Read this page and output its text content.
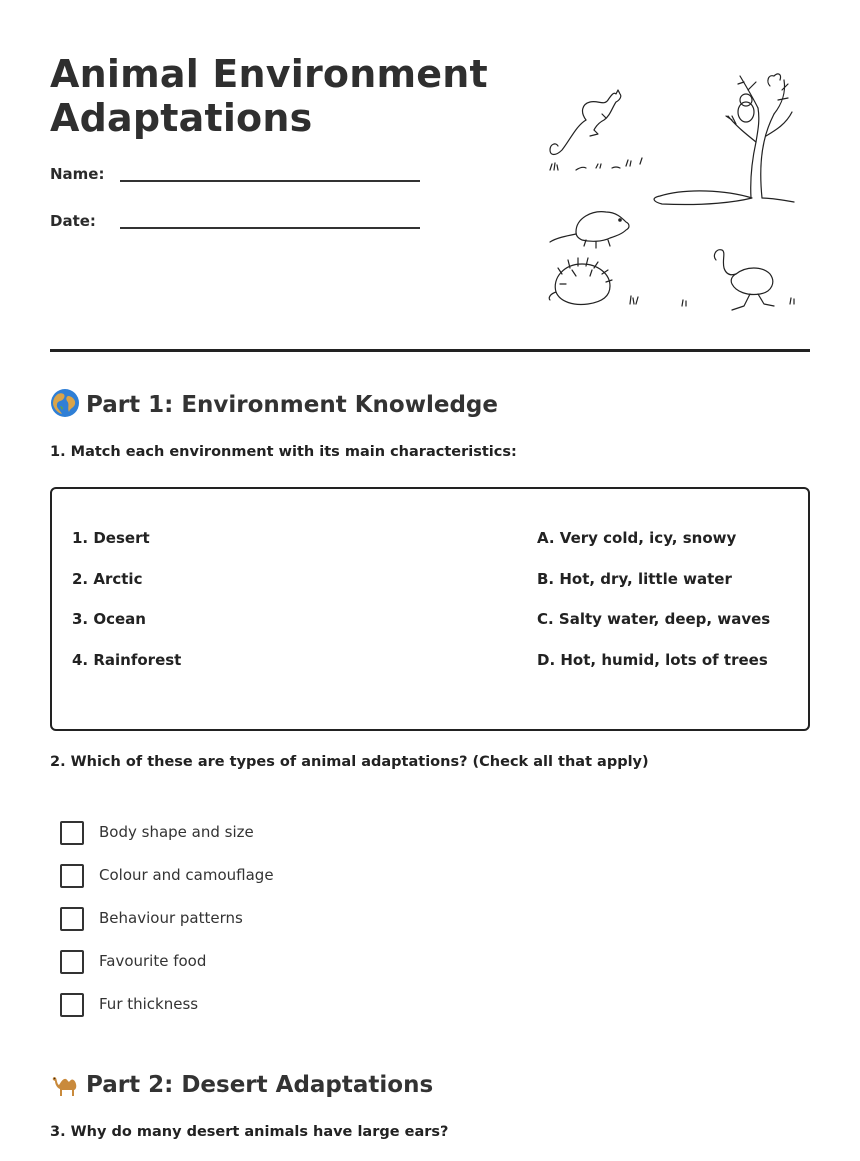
Animal Environment Adaptations
Name:
Date:
Part 1: Environment Knowledge
1. Match each environment with its main characteristics:
1. Desert
2. Arctic
3. Ocean
4. Rainforest
A. Very cold, icy, snowy
B. Hot, dry, little water
C. Salty water, deep, waves
D. Hot, humid, lots of trees
2. Which of these are types of animal adaptations? (Check all that apply)
Body shape and size
Colour and camouflage
Behaviour patterns
Favourite food
Fur thickness
Part 2: Desert Adaptations
3. Why do many desert animals have large ears?
